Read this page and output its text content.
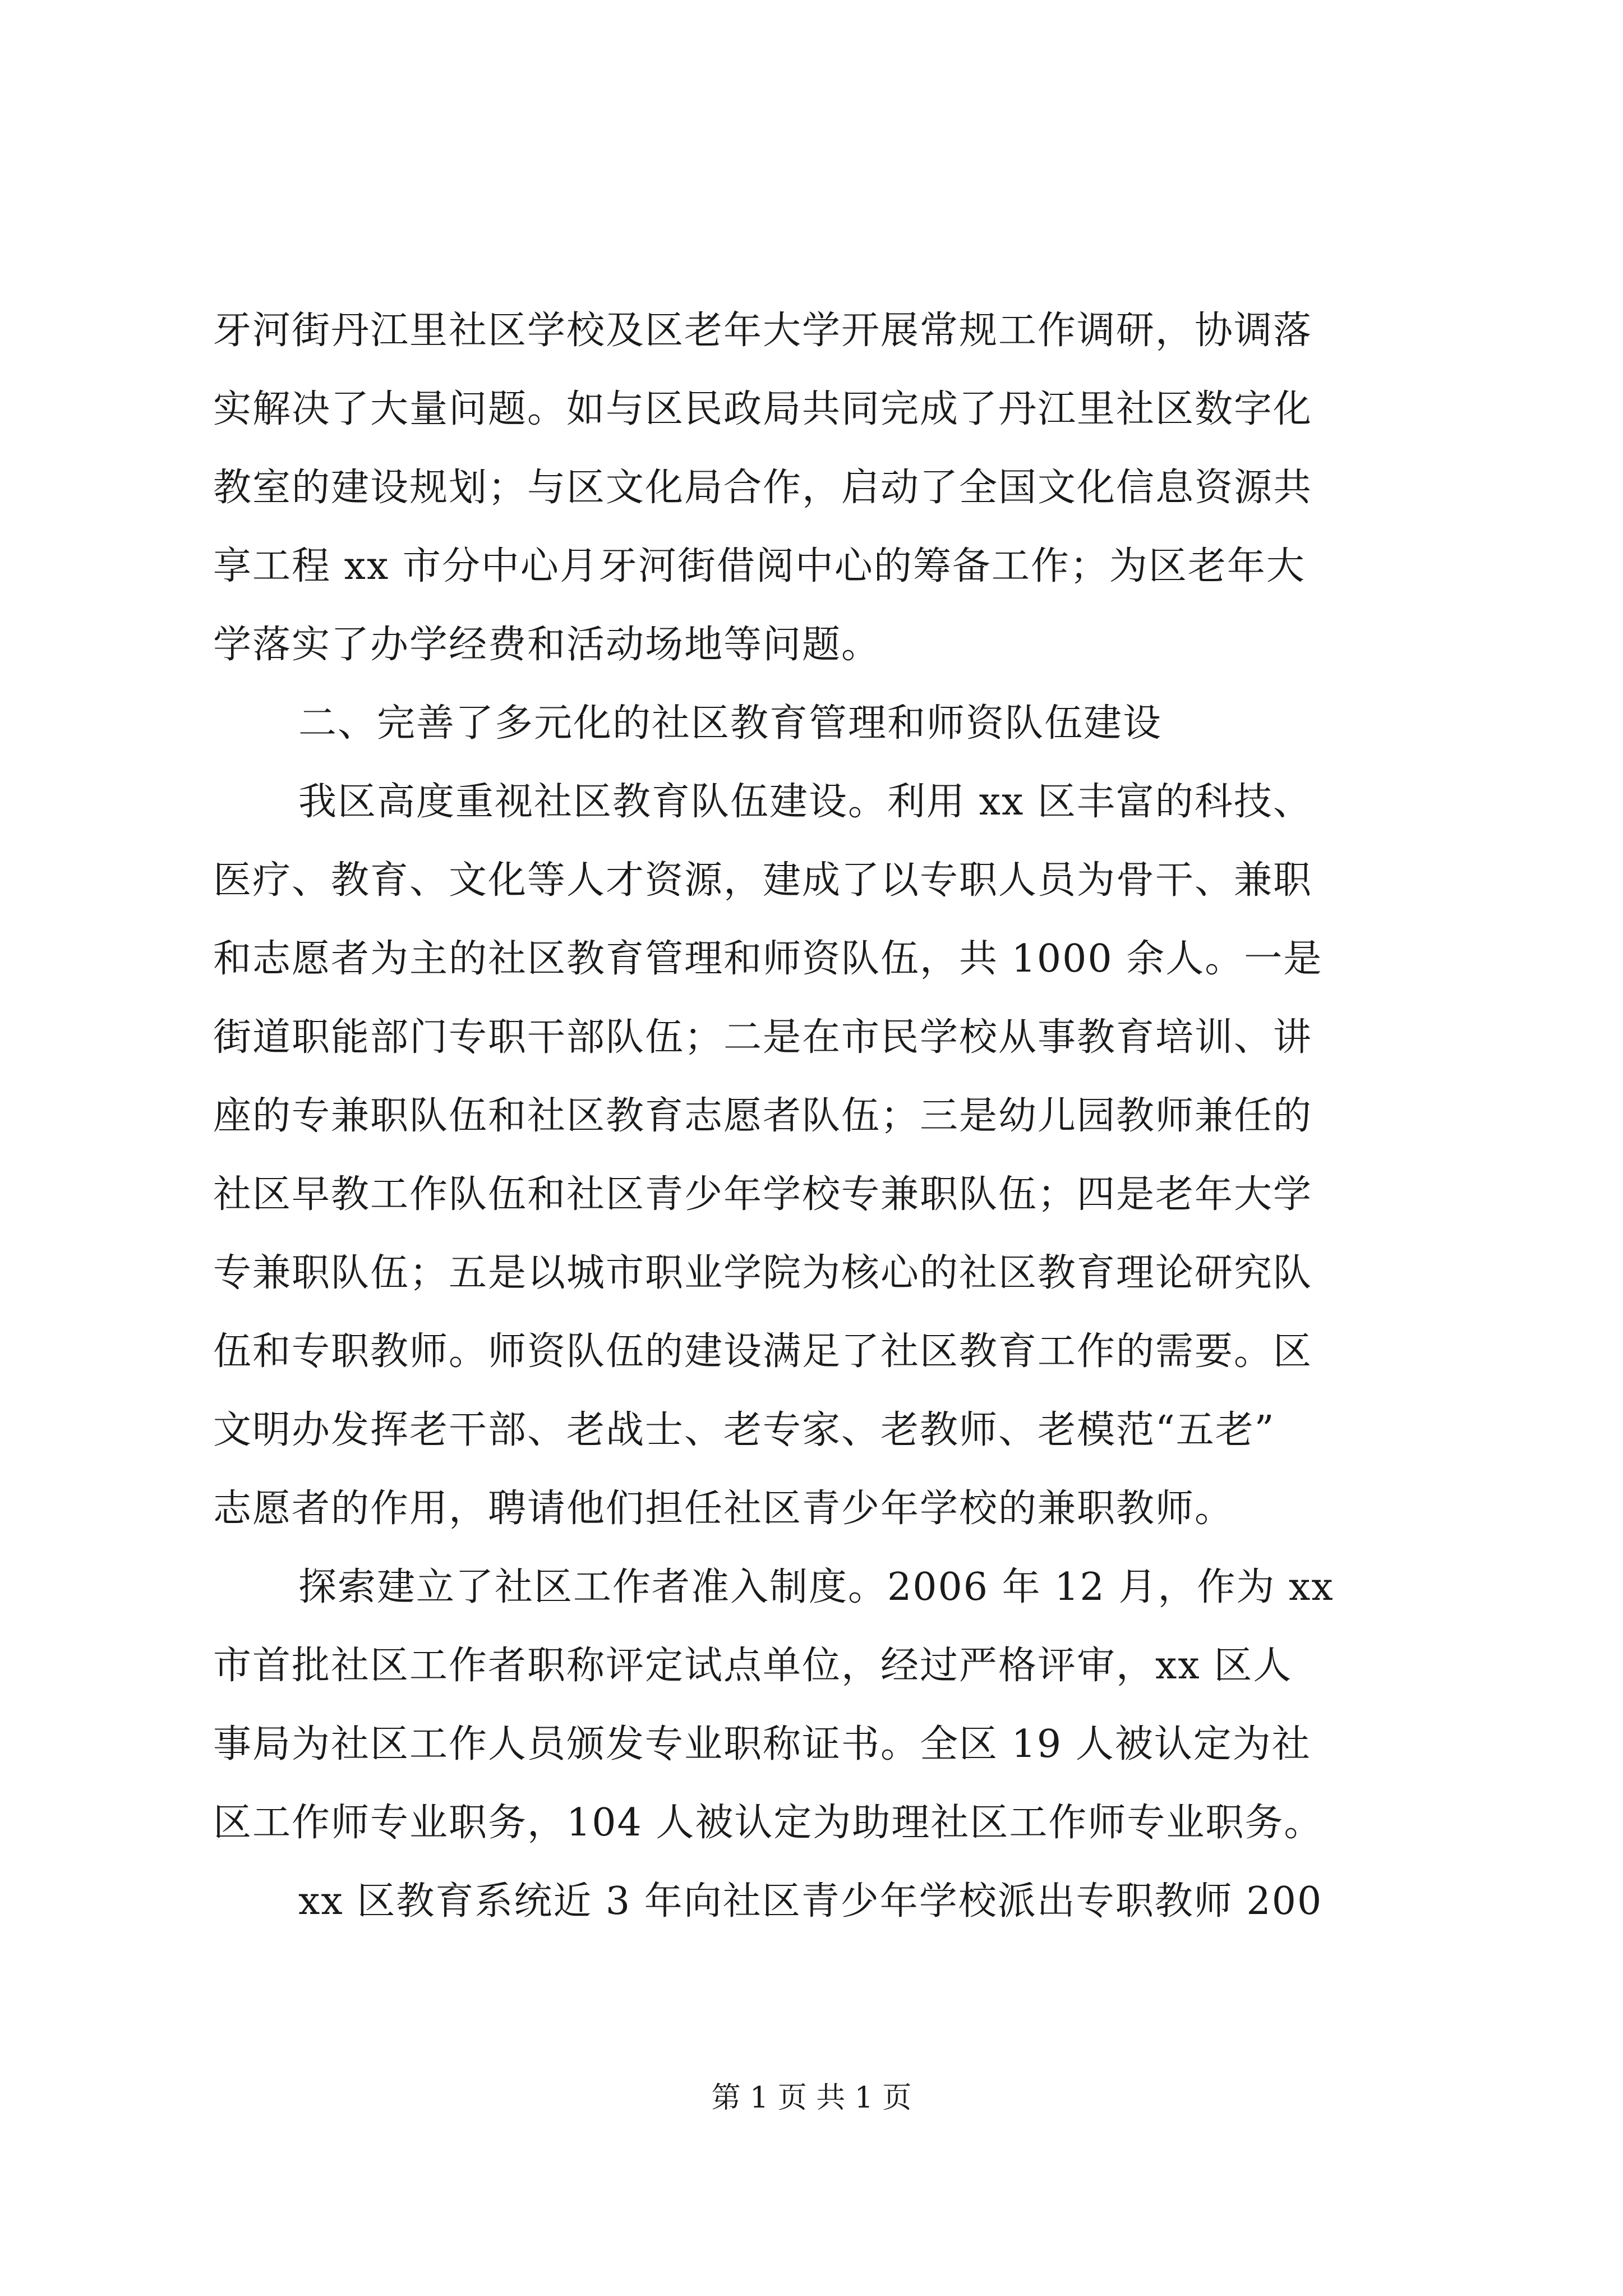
牙河街丹江里社区学校及区老年大学开展常规工作调研，协调落
实解决了大量问题。如与区民政局共同完成了丹江里社区数字化
教室的建设规划；与区文化局合作，启动了全国文化信息资源共
享工程 xx 市分中心月牙河街借阅中心的筹备工作；为区老年大
学落实了办学经费和活动场地等问题。
二、完善了多元化的社区教育管理和师资队伍建设
我区高度重视社区教育队伍建设。利用 xx 区丰富的科技、
医疗、教育、文化等人才资源，建成了以专职人员为骨干、兼职
和志愿者为主的社区教育管理和师资队伍，共 1000 余人。一是
街道职能部门专职干部队伍；二是在市民学校从事教育培训、讲
座的专兼职队伍和社区教育志愿者队伍；三是幼儿园教师兼任的
社区早教工作队伍和社区青少年学校专兼职队伍；四是老年大学
专兼职队伍；五是以城市职业学院为核心的社区教育理论研究队
伍和专职教师。师资队伍的建设满足了社区教育工作的需要。区
文明办发挥老干部、老战士、老专家、老教师、老模范“五老”
志愿者的作用，聘请他们担任社区青少年学校的兼职教师。
探索建立了社区工作者准入制度。2006 年 12 月，作为 xx
市首批社区工作者职称评定试点单位，经过严格评审，xx 区人
事局为社区工作人员颁发专业职称证书。全区 19 人被认定为社
区工作师专业职务，104 人被认定为助理社区工作师专业职务。
xx 区教育系统近 3 年向社区青少年学校派出专职教师 200
第 1 页 共 1 页
